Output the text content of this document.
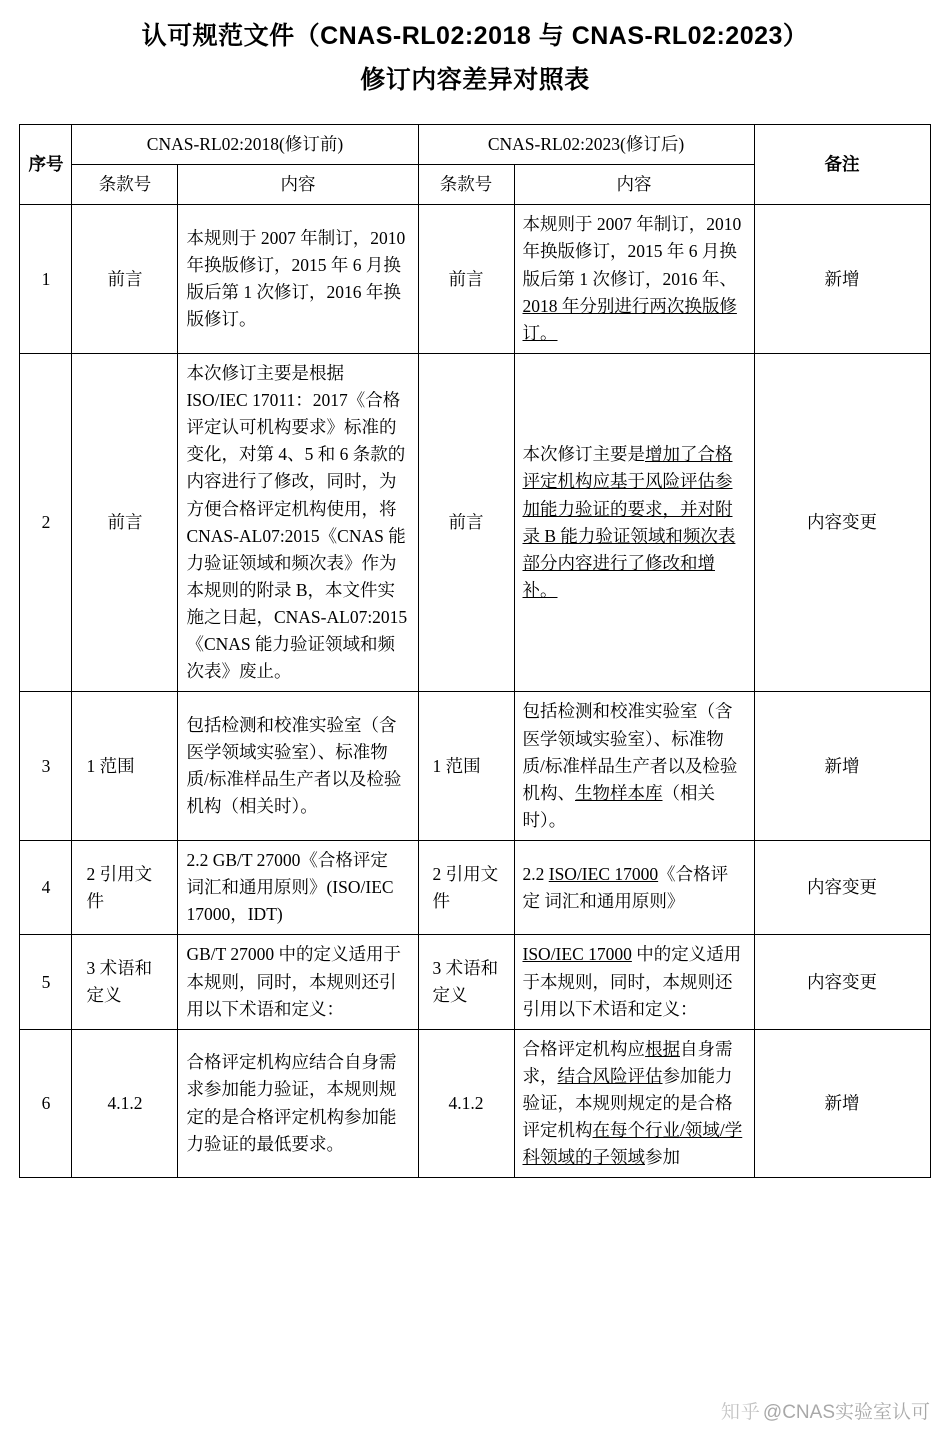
认可规范文件（CNAS-RL02:2018 与 CNAS-RL02:2023）
修订内容差异对照表
序号	CNAS-RL02:2018(修订前)		CNAS-RL02:2023(修订后)		备注
	条款号	内容	条款号	内容	
1	前言	本规则于 2007 年制订，2010 年换版修订，2015 年 6 月换版后第 1 次修订，2016 年换版修订。	前言	本规则于 2007 年制订，2010 年换版修订，2015 年 6 月换版后第 1 次修订，2016 年、2018 年分别进行两次换版修订。	新增
2	前言	本次修订主要是根据 ISO/IEC 17011：2017《合格评定认可机构要求》标准的变化，对第 4、5 和 6 条款的内容进行了修改，同时，为方便合格评定机构使用，将 CNAS-AL07:2015《CNAS 能力验证领域和频次表》作为本规则的附录 B，本文件实施之日起，CNAS-AL07:2015《CNAS 能力验证领域和频次表》废止。	前言	本次修订主要是增加了合格评定机构应基于风险评估参加能力验证的要求，并对附录 B 能力验证领域和频次表部分内容进行了修改和增补。	内容变更
3	1 范围	包括检测和校准实验室（含医学领域实验室）、标准物质/标准样品生产者以及检验机构（相关时）。	1 范围	包括检测和校准实验室（含医学领域实验室）、标准物质/标准样品生产者以及检验机构、生物样本库（相关时）。	新增
4	2 引用文件	2.2 GB/T 27000《合格评定 词汇和通用原则》(ISO/IEC 17000，IDT)	2 引用文件	2.2 ISO/IEC 17000《合格评定 词汇和通用原则》	内容变更
5	3 术语和定义	GB/T 27000 中的定义适用于本规则，同时，本规则还引用以下术语和定义：	3 术语和定义	ISO/IEC 17000 中的定义适用于本规则，同时，本规则还引用以下术语和定义：	内容变更
6	4.1.2	合格评定机构应结合自身需求参加能力验证，本规则规定的是合格评定机构参加能力验证的最低要求。	4.1.2	合格评定机构应根据自身需求，结合风险评估参加能力验证，本规则规定的是合格评定机构在每个行业/领域/学科领域的子领域参加	新增
知乎 @CNAS实验室认可
